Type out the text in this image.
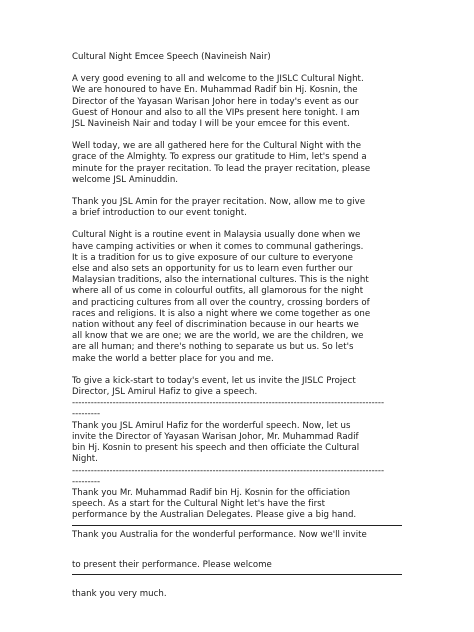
Cultural Night Emcee Speech (Navineish Nair)

A very good evening to all and welcome to the JISLC Cultural Night.
We are honoured to have En. Muhammad Radif bin Hj. Kosnin, the
Director of the Yayasan Warisan Johor here in today's event as our
Guest of Honour and also to all the VIPs present here tonight. I am
JSL Navineish Nair and today I will be your emcee for this event.

Well today, we are all gathered here for the Cultural Night with the
grace of the Almighty. To express our gratitude to Him, let's spend a
minute for the prayer recitation. To lead the prayer recitation, please
welcome JSL Aminuddin.

Thank you JSL Amin for the prayer recitation. Now, allow me to give
a brief introduction to our event tonight.

Cultural Night is a routine event in Malaysia usually done when we
have camping activities or when it comes to communal gatherings.
It is a tradition for us to give exposure of our culture to everyone
else and also sets an opportunity for us to learn even further our
Malaysian traditions, also the international cultures. This is the night
where all of us come in colourful outfits, all glamorous for the night
and practicing cultures from all over the country, crossing borders of
races and religions. It is also a night where we come together as one
nation without any feel of discrimination because in our hearts we
all know that we are one; we are the world, we are the children, we
are all human; and there's nothing to separate us but us. So let's
make the world a better place for you and me.

To give a kick-start to today's event, let us invite the JISLC Project
Director, JSL Amirul Hafiz to give a speech.
----------------------------------------------------------------------------------------------------
---------
Thank you JSL Amirul Hafiz for the worderful speech. Now, let us
invite the Director of Yayasan Warisan Johor, Mr. Muhammad Radif
bin Hj. Kosnin to present his speech and then officiate the Cultural
Night.
----------------------------------------------------------------------------------------------------
---------
Thank you Mr. Muhammad Radif bin Hj. Kosnin for the officiation
speech. As a start for the Cultural Night let's have the first
performance by the Australian Delegates. Please give a big hand.
Thank you Australia for the wonderful performance. Now we'll invite
to present their performance. Please welcome
thank you very much.
